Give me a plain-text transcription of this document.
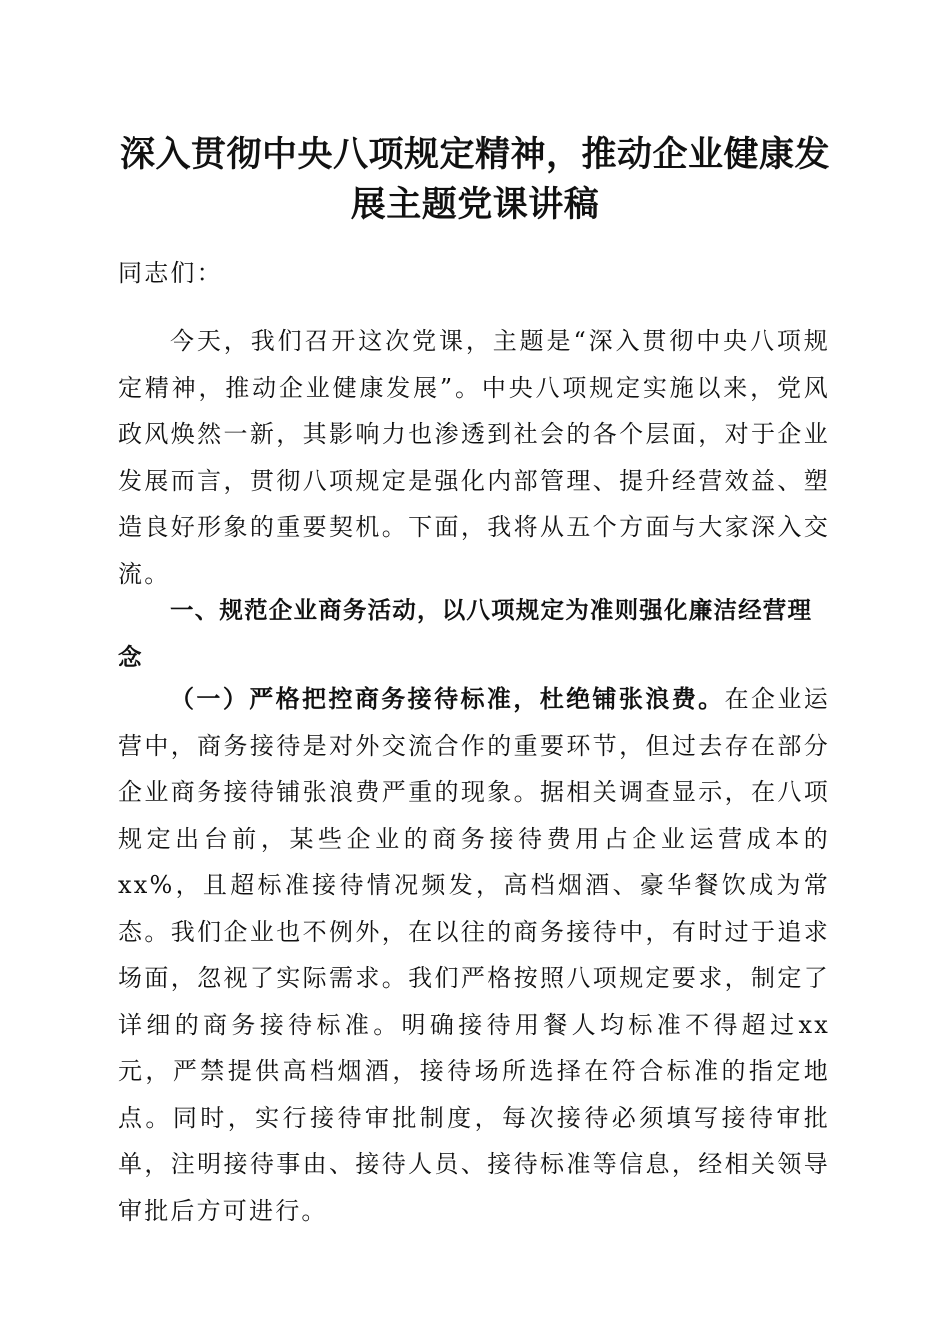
深入贯彻中央八项规定精神，推动企业健康发
展主题党课讲稿

同志们：

今天，我们召开这次党课，主题是“深入贯彻中央八项规定精神，推动企业健康发展”。中央八项规定实施以来，党风政风焕然一新，其影响力也渗透到社会的各个层面，对于企业发展而言，贯彻八项规定是强化内部管理、提升经营效益、塑造良好形象的重要契机。下面，我将从五个方面与大家深入交流。

一、规范企业商务活动，以八项规定为准则强化廉洁经营理念

（一）严格把控商务接待标准，杜绝铺张浪费。在企业运营中，商务接待是对外交流合作的重要环节，但过去存在部分企业商务接待铺张浪费严重的现象。据相关调查显示，在八项规定出台前，某些企业的商务接待费用占企业运营成本的xx%，且超标准接待情况频发，高档烟酒、豪华餐饮成为常态。我们企业也不例外，在以往的商务接待中，有时过于追求场面，忽视了实际需求。我们严格按照八项规定要求，制定了详细的商务接待标准。明确接待用餐人均标准不得超过xx元，严禁提供高档烟酒，接待场所选择在符合标准的指定地点。同时，实行接待审批制度，每次接待必须填写接待审批单，注明接待事由、接待人员、接待标准等信息，经相关领导审批后方可进行。
